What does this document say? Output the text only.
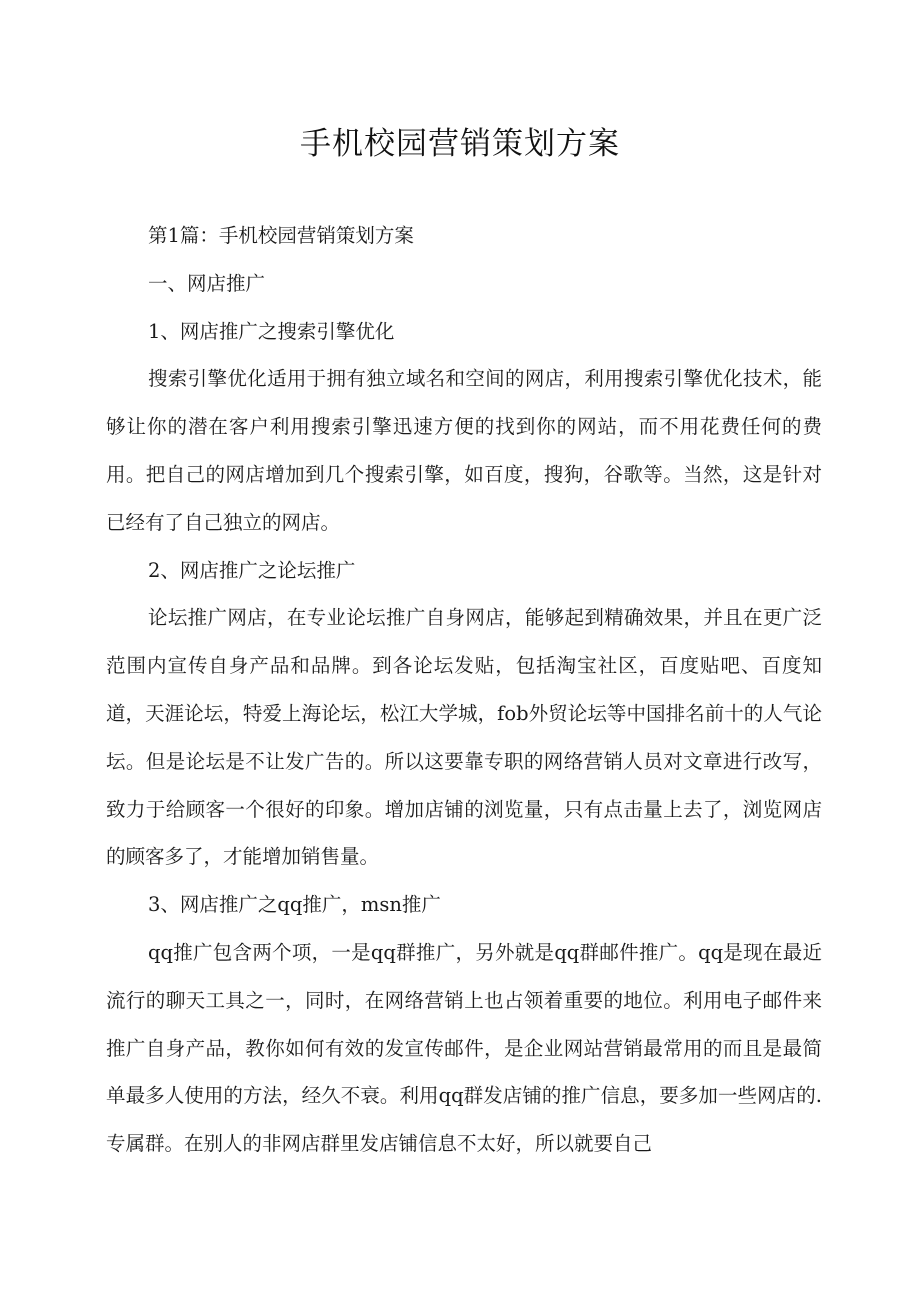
手机校园营销策划方案

第1篇：手机校园营销策划方案

一、网店推广

1、网店推广之搜索引擎优化

搜索引擎优化适用于拥有独立域名和空间的网店，利用搜索引擎优化技术，能够让你的潜在客户利用搜索引擎迅速方便的找到你的网站，而不用花费任何的费用。把自己的网店增加到几个搜索引擎，如百度，搜狗，谷歌等。当然，这是针对已经有了自己独立的网店。

2、网店推广之论坛推广

论坛推广网店，在专业论坛推广自身网店，能够起到精确效果，并且在更广泛范围内宣传自身产品和品牌。到各论坛发贴，包括淘宝社区，百度贴吧、百度知道，天涯论坛，特爱上海论坛，松江大学城，fob外贸论坛等中国排名前十的人气论坛。但是论坛是不让发广告的。所以这要靠专职的网络营销人员对文章进行改写，致力于给顾客一个很好的印象。增加店铺的浏览量，只有点击量上去了，浏览网店的顾客多了，才能增加销售量。

3、网店推广之qq推广，msn推广

qq推广包含两个项，一是qq群推广，另外就是qq群邮件推广。qq是现在最近流行的聊天工具之一，同时，在网络营销上也占领着重要的地位。利用电子邮件来推广自身产品，教你如何有效的发宣传邮件，是企业网站营销最常用的而且是最简单最多人使用的方法，经久不衰。利用qq群发店铺的推广信息，要多加一些网店的.专属群。在别人的非网店群里发店铺信息不太好，所以就要自己
